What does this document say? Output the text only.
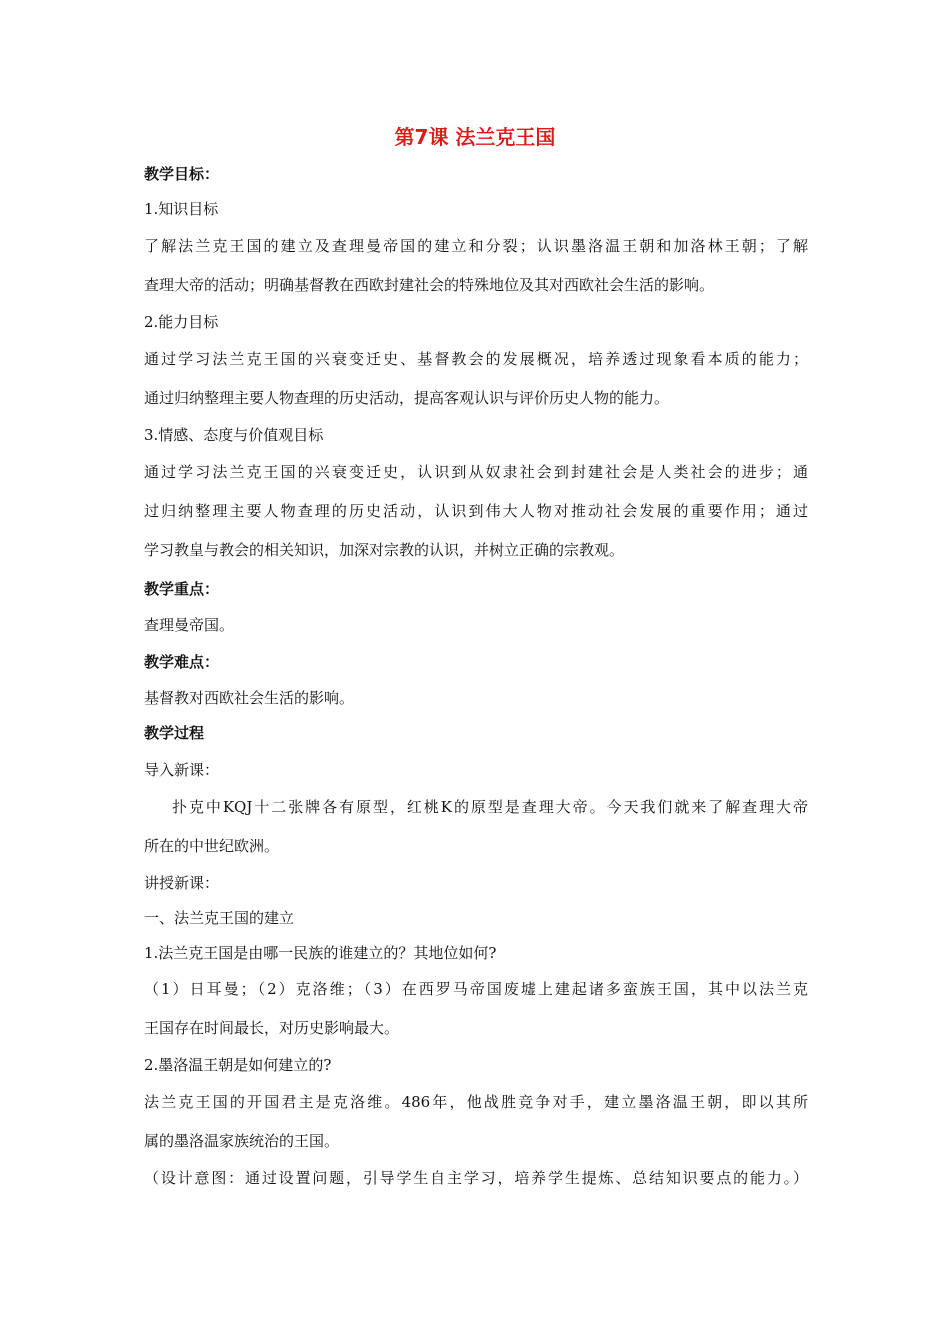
第7课 法兰克王国
教学目标：
1.知识目标
了解法兰克王国的建立及查理曼帝国的建立和分裂；认识墨洛温王朝和加洛林王朝；了解
查理大帝的活动；明确基督教在西欧封建社会的特殊地位及其对西欧社会生活的影响。
2.能力目标
通过学习法兰克王国的兴衰变迁史、基督教会的发展概况，培养透过现象看本质的能力；
通过归纳整理主要人物查理的历史活动，提高客观认识与评价历史人物的能力。
3.情感、态度与价值观目标
通过学习法兰克王国的兴衰变迁史，认识到从奴隶社会到封建社会是人类社会的进步；通
过归纳整理主要人物查理的历史活动，认识到伟大人物对推动社会发展的重要作用；通过
学习教皇与教会的相关知识，加深对宗教的认识，并树立正确的宗教观。
教学重点：
查理曼帝国。
教学难点：
基督教对西欧社会生活的影响。
教学过程
导入新课：
扑克中KQJ十二张牌各有原型，红桃K的原型是查理大帝。今天我们就来了解查理大帝
所在的中世纪欧洲。
讲授新课：
一、法兰克王国的建立
1.法兰克王国是由哪一民族的谁建立的？其地位如何?
（1）日耳曼；（2）克洛维；（3）在西罗马帝国废墟上建起诸多蛮族王国，其中以法兰克
王国存在时间最长，对历史影响最大。
2.墨洛温王朝是如何建立的?
法兰克王国的开国君主是克洛维。486年，他战胜竞争对手，建立墨洛温王朝，即以其所
属的墨洛温家族统治的王国。
（设计意图：通过设置问题，引导学生自主学习，培养学生提炼、总结知识要点的能力。）
